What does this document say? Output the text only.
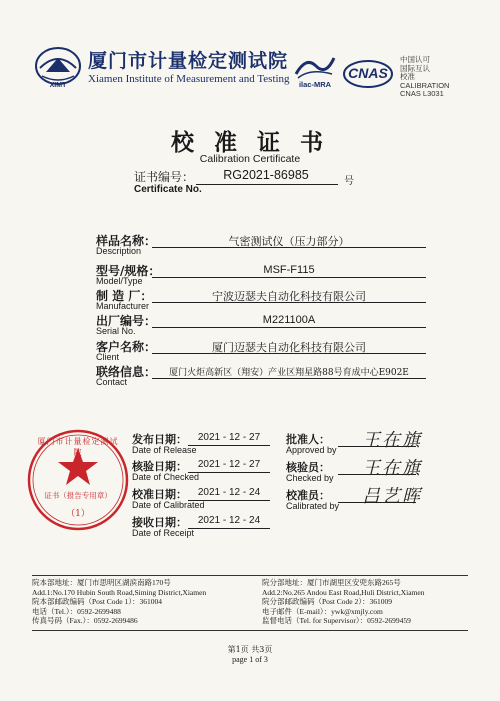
XIMT
厦门市计量检定测试院
Xiamen Institute of Measurement and Testing	ilac-MRA
CNAS
中国认可
国际互认
校准
CALIBRATION
CNAS L3031
校 准 证 书
Calibration Certificate
证书编号：
Certificate No.
RG2021-86985	号
样品名称：
Description
气密测试仪（压力部分）
型号/规格：
Model/Type
MSF-F115
制 造 厂：
Manufacturer
宁波迈瑟夫自动化科技有限公司
出厂编号：
Serial No.
M221100A
客户名称：
Client
厦门迈瑟夫自动化科技有限公司
联络信息：
Contact
厦门火炬高新区（翔安）产业区翔星路88号育成中心E902E
厦门市计量检定测试院
证书（报告专用章）
（1）
发布日期：
Date of Release
2021 - 12 - 27
核验日期：
Date of Checked
2021 - 12 - 27
校准日期：
Date of Calibrated
2021 - 12 - 24
接收日期：
Date of Receipt
2021 - 12 - 24
批准人：
Approved by	王在旗
核验员：
Checked by	王在旗
校准员：
Calibrated by	吕艺晖
院本部地址：厦门市思明区湖滨南路170号
Add.1:No.170 Hubin South Road,Siming District,Xiamen
院本部邮政编码（Post Code 1）：361004
电话（Tel.）：0592-2699488
传真号码（Fax.）：0592-2699486
院分部地址：厦门市湖里区安兜东路265号
Add.2:No.265 Andou East Road,Huli District,Xiamen
院分部邮政编码（Post Code 2）：361009
电子邮件（E-mail）：ywk@xmjly.com
监督电话（Tel. for Supervisor）：0592-2699459
第1页 共3页
page 1 of 3
